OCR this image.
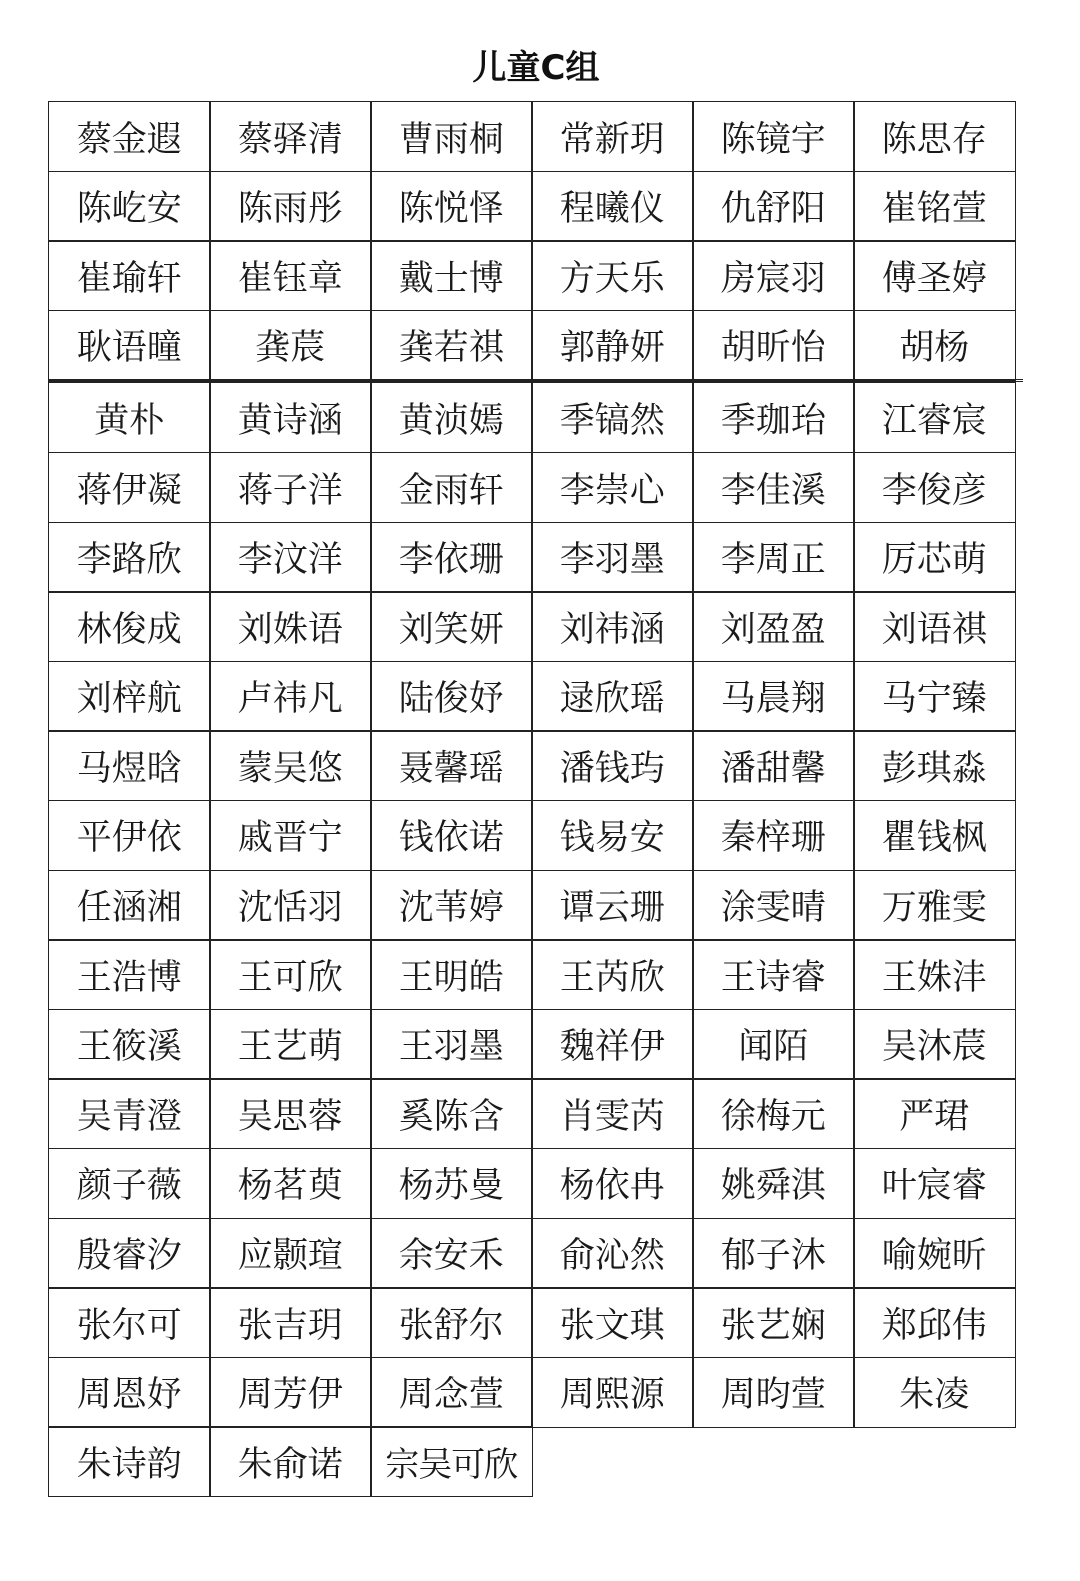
儿童C组
蔡金遐	蔡驿清	曹雨桐	常新玥	陈镜宇	陈思存
陈屹安	陈雨彤	陈悦怿	程曦仪	仇舒阳	崔铭萱
崔瑜轩	崔钰章	戴士博	方天乐	房宸羽	傅圣婷
耿语曈	龚莀	龚若祺	郭静妍	胡昕怡	胡杨
黄朴	黄诗涵	黄浈嫣	季镐然	季珈珆	江睿宸
蒋伊凝	蒋子洋	金雨轩	李崇心	李佳溪	李俊彦
李路欣	李汶洋	李依珊	李羽墨	李周正	厉芯萌
林俊成	刘姝语	刘笑妍	刘祎涵	刘盈盈	刘语祺
刘梓航	卢祎凡	陆俊妤	逯欣瑶	马晨翔	马宁臻
马煜晗	蒙吴悠	聂馨瑶	潘钱玙	潘甜馨	彭琪淼
平伊依	戚晋宁	钱依诺	钱易安	秦梓珊	瞿钱枫
任涵湘	沈恬羽	沈苇婷	谭云珊	涂雯晴	万雅雯
王浩博	王可欣	王明皓	王芮欣	王诗睿	王姝沣
王筱溪	王艺萌	王羽墨	魏祥伊	闻陌	吴沐莀
吴青澄	吴思蓉	奚陈含	肖雯芮	徐梅元	严珺
颜子薇	杨茗萸	杨苏曼	杨依冉	姚舜淇	叶宸睿
殷睿汐	应颢瑄	余安禾	俞沁然	郁子沐	喻婉昕
张尔可	张吉玥	张舒尔	张文琪	张艺娴	郑邱伟
周恩妤	周芳伊	周念萱	周熙源	周昀萱	朱凌
朱诗韵	朱俞诺	宗吴可欣
